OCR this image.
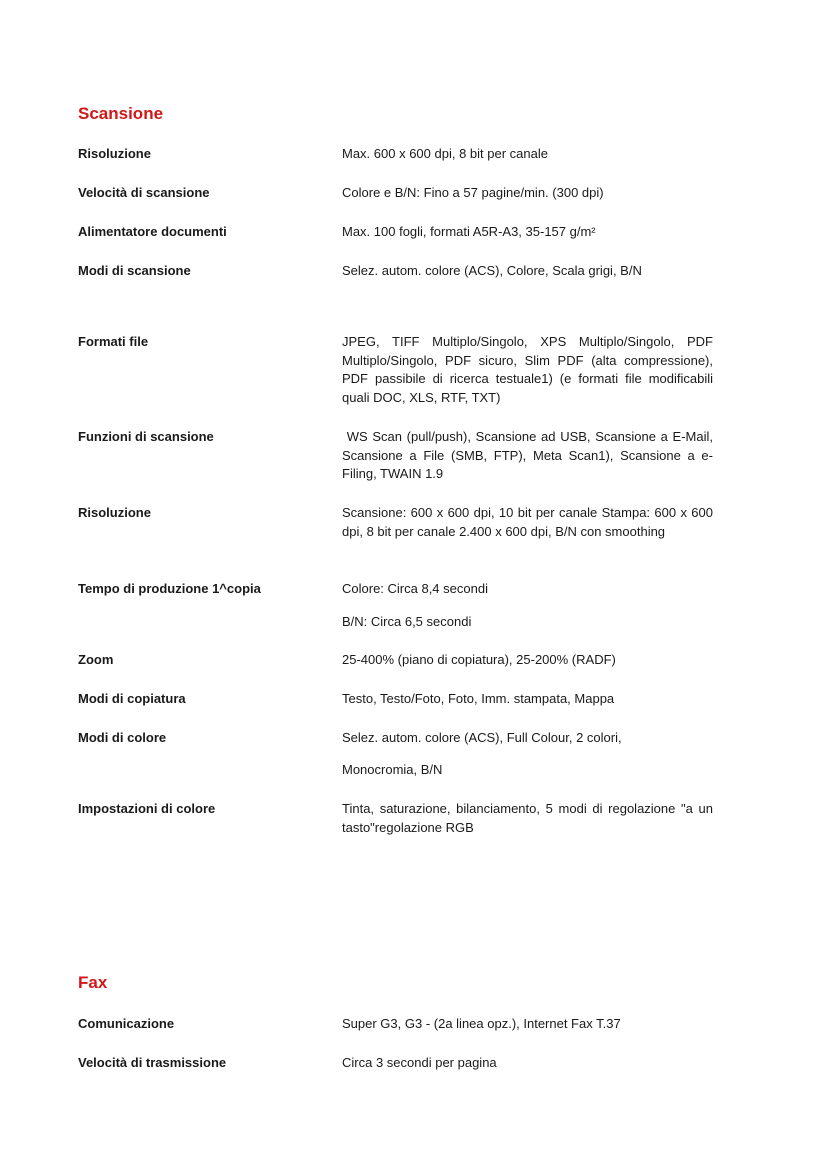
Scansione

Risoluzione	Max. 600 x 600 dpi, 8 bit per canale

Velocità di scansione	Colore e B/N: Fino a 57 pagine/min. (300 dpi)

Alimentatore documenti	Max. 100 fogli, formati A5R-A3, 35-157 g/m²

Modi di scansione	Selez. autom. colore (ACS), Colore, Scala grigi, B/N

Formati file	JPEG, TIFF Multiplo/Singolo, XPS Multiplo/Singolo, PDF Multiplo/Singolo, PDF sicuro, Slim PDF (alta compressione), PDF passibile di ricerca testuale1) (e formati file modificabili quali DOC, XLS, RTF, TXT)

Funzioni di scansione	WS Scan (pull/push), Scansione ad USB, Scansione a E-Mail, Scansione a File (SMB, FTP), Meta Scan1), Scansione a e-Filing, TWAIN 1.9

Risoluzione	Scansione: 600 x 600 dpi, 10 bit per canale Stampa: 600 x 600 dpi, 8 bit per canale 2.400 x 600 dpi, B/N con smoothing

Tempo di produzione 1^copia	Colore: Circa 8,4 secondi

B/N: Circa 6,5 secondi

Zoom	25-400% (piano di copiatura), 25-200% (RADF)

Modi di copiatura	Testo, Testo/Foto, Foto, Imm. stampata, Mappa

Modi di colore	Selez. autom. colore (ACS), Full Colour, 2 colori,

Monocromia, B/N

Impostazioni di colore	Tinta, saturazione, bilanciamento, 5 modi di regolazione "a un tasto"regolazione RGB

Fax

Comunicazione	Super G3, G3 - (2a linea opz.), Internet Fax T.37

Velocità di trasmissione	Circa 3 secondi per pagina
